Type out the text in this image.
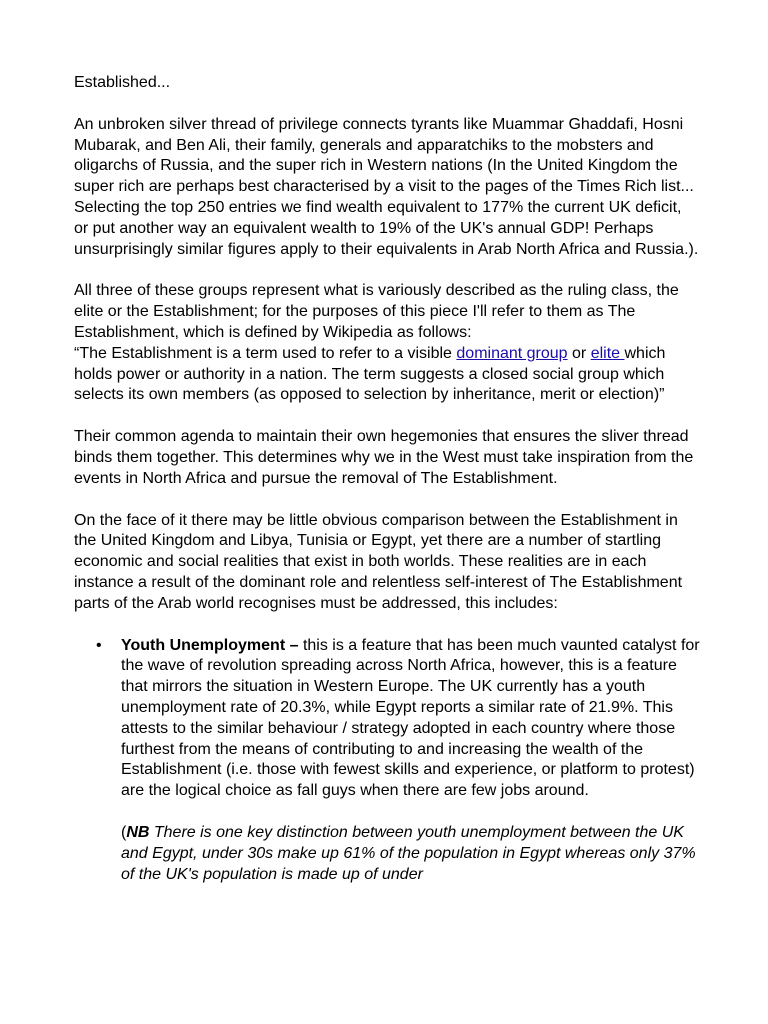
Established...

An unbroken silver thread of privilege connects tyrants like Muammar Ghaddafi, Hosni Mubarak, and Ben Ali, their family, generals and apparatchiks to the mobsters and oligarchs of Russia, and the super rich in Western nations (In the United Kingdom the super rich are perhaps best characterised by a visit to the pages of the Times Rich list... Selecting the top 250 entries we find wealth equivalent to 177% the current UK deficit, or put another way an equivalent wealth to 19% of the UK's annual GDP! Perhaps unsurprisingly similar figures apply to their equivalents in Arab North Africa and Russia.).

All three of these groups represent what is variously described as the ruling class, the elite or the Establishment; for the purposes of this piece I'll refer to them as The Establishment, which is defined by Wikipedia as follows:
“The Establishment is a term used to refer to a visible dominant group or elite which holds power or authority in a nation. The term suggests a closed social group which selects its own members (as opposed to selection by inheritance, merit or election)”

Their common agenda to maintain their own hegemonies that ensures the sliver thread binds them together. This determines why we in the West must take inspiration from the events in North Africa and pursue the removal of The Establishment.

On the face of it there may be little obvious comparison between the Establishment in the United Kingdom and Libya, Tunisia or Egypt, yet there are a number of startling economic and social realities that exist in both worlds. These realities are in each instance a result of the dominant role and relentless self-interest of The Establishment parts of the Arab world recognises must be addressed, this includes:

• Youth Unemployment – this is a feature that has been much vaunted catalyst for the wave of revolution spreading across North Africa, however, this is a feature that mirrors the situation in Western Europe. The UK currently has a youth unemployment rate of 20.3%, while Egypt reports a similar rate of 21.9%. This attests to the similar behaviour / strategy adopted in each country where those furthest from the means of contributing to and increasing the wealth of the Establishment (i.e. those with fewest skills and experience, or platform to protest) are the logical choice as fall guys when there are few jobs around.
(NB There is one key distinction between youth unemployment between the UK and Egypt, under 30s make up 61% of the population in Egypt whereas only 37% of the UK's population is made up of under
